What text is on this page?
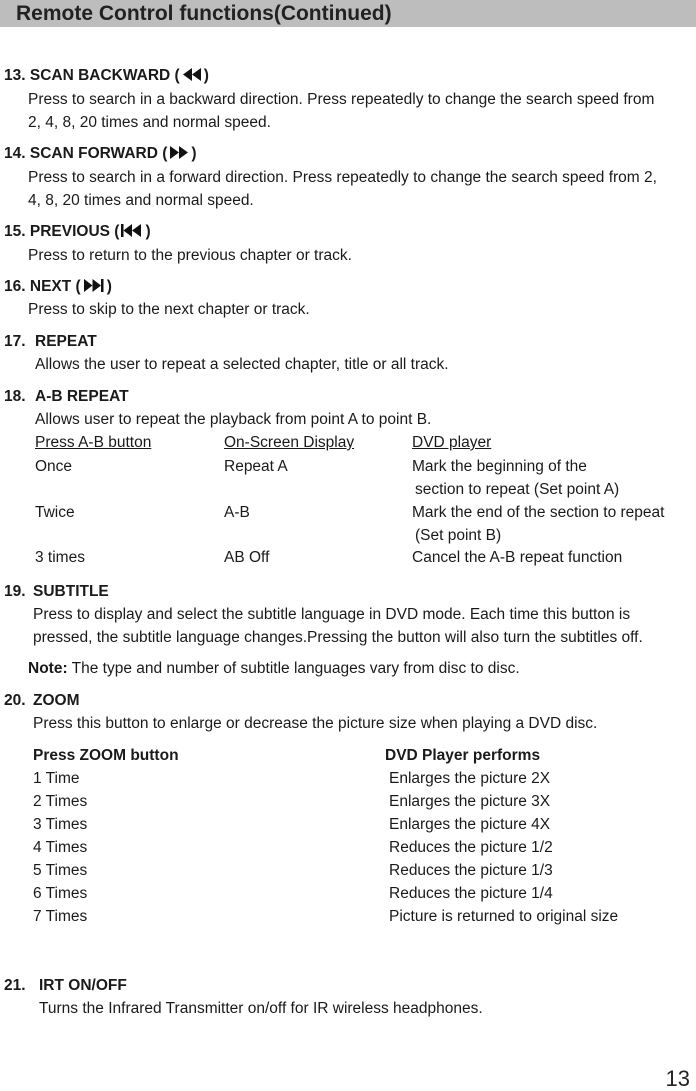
Remote Control functions(Continued)
13. SCAN BACKWARD ( )
Press to search in a backward direction. Press repeatedly to change the search speed from
2, 4, 8, 20 times and normal speed.
14. SCAN FORWARD ( )
Press to search in a forward direction. Press repeatedly to change the search speed from 2,
4, 8, 20 times and normal speed.
15. PREVIOUS ( )
Press to return to the previous chapter or track.
16. NEXT ( )
Press to skip to the next chapter or track.
17. REPEAT
Allows the user to repeat a selected chapter, title or all track.
18. A-B REPEAT
Allows user to repeat the playback from point A to point B.
Press A-B button	On-Screen Display	DVD player
Once	Repeat A	Mark the beginning of the
section to repeat (Set point A)
Twice	A-B	Mark the end of the section to repeat
(Set point B)
3 times	AB Off	Cancel the A-B repeat function
19. SUBTITLE
Press to display and select the subtitle language in DVD mode. Each time this button is
pressed, the subtitle language changes.Pressing the button will also turn the subtitles off.
Note: The type and number of subtitle languages vary from disc to disc.
20. ZOOM
Press this button to enlarge or decrease the picture size when playing a DVD disc.
Press ZOOM button	DVD Player performs
1 Time	Enlarges the picture 2X
2 Times	Enlarges the picture 3X
3 Times	Enlarges the picture 4X
4 Times	Reduces the picture 1/2
5 Times	Reduces the picture 1/3
6 Times	Reduces the picture 1/4
7 Times	Picture is returned to original size
21. IRT ON/OFF
Turns the Infrared Transmitter on/off for IR wireless headphones.
13
